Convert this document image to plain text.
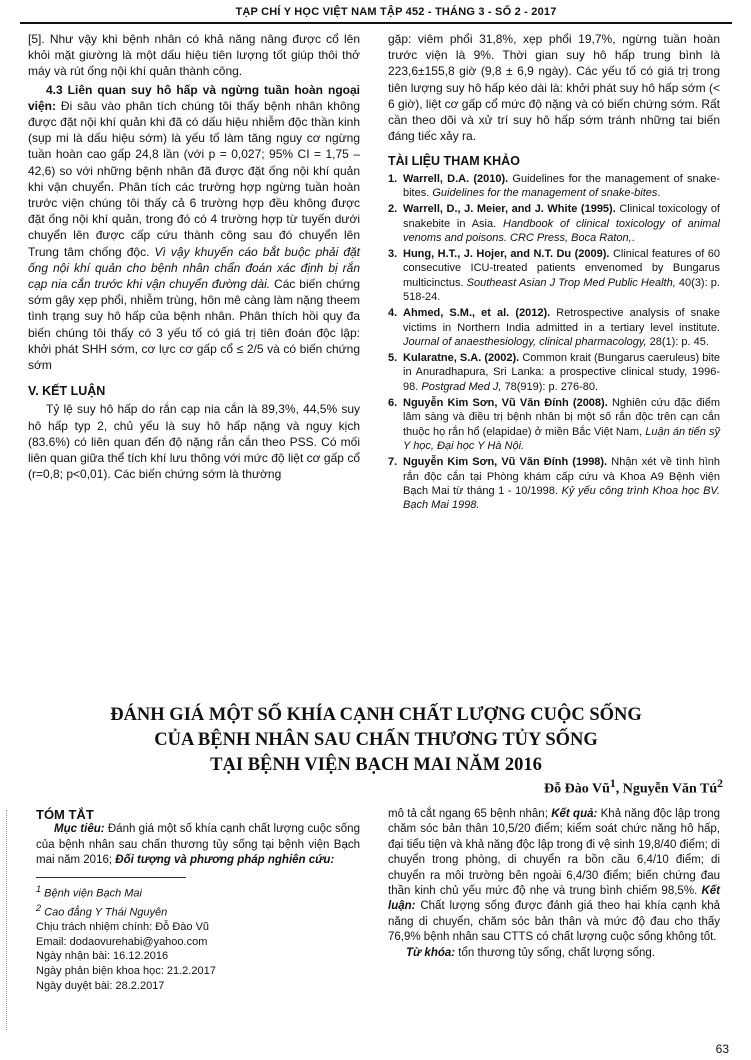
TẠP CHÍ Y HỌC VIỆT NAM TẬP 452 - THÁNG 3 - SỐ 2 - 2017

[5]. Như vậy khi bệnh nhân có khả năng nâng được cổ lên khỏi mặt giường là một dấu hiệu tiên lượng tốt giúp thôi thở máy và rút ống nội khí quản thành công.

4.3 Liên quan suy hô hấp và ngừng tuần hoàn ngoại viện: Đi sâu vào phân tích chúng tôi thấy bệnh nhân không được đặt nội khí quản khi đã có dấu hiệu nhiễm độc thần kinh (sụp mi là dấu hiệu sớm) là yếu tố làm tăng nguy cơ ngừng tuần hoàn cao gấp 24,8 lần (với p = 0,027; 95% CI = 1,75 – 42,6) so với những bệnh nhân đã được đặt ống nội khí quản khi vận chuyển. Phân tích các trường hợp ngừng tuần hoàn trước viện chúng tôi thấy cả 6 trường hợp đều không được đặt ống nội khí quản, trong đó có 4 trường hợp từ tuyến dưới chuyển lên được cấp cứu thành công sau đó chuyển lên Trung tâm chống độc. Vì vậy khuyến cáo bắt buộc phải đặt ống nội khí quản cho bệnh nhân chẩn đoán xác định bị rắn cạp nia cắn trước khi vận chuyển đường dài. Các biến chứng sớm gây xẹp phổi, nhiễm trùng, hôn mê càng làm nặng theem tình trạng suy hô hấp của bệnh nhân. Phân thích hồi quy đa biến chúng tôi thấy có 3 yếu tố có giá trị tiên đoán độc lập: khởi phát SHH sớm, cơ lực cơ gấp cổ ≤ 2/5 và có biến chứng sớm

V. KẾT LUẬN

Tỷ lệ suy hô hấp do rắn cạp nia cắn là 89,3%, 44,5% suy hô hấp typ 2, chủ yếu là suy hô hấp nặng và nguy kịch (83.6%) có liên quan đến độ nặng rắn cắn theo PSS. Có mối liên quan giữa thể tích khí lưu thông với mức độ liệt cơ gấp cổ (r=0,8; p<0,01). Các biến chứng sớm là thường

gặp: viêm phổi 31,8%, xẹp phổi 19,7%, ngừng tuần hoàn trước viện là 9%. Thời gian suy hô hấp trung bình là 223,6±155,8 giờ (9,8 ± 6,9 ngày). Các yếu tố có giá trị trong tiên lượng suy hô hấp kéo dài là: khởi phát suy hô hấp sớm (< 6 giờ), liệt cơ gấp cổ mức độ nặng và có biến chứng sớm. Rất cần theo dõi và xử trí suy hô hấp sớm tránh những tai biến đáng tiếc xảy ra.

TÀI LIỆU THAM KHẢO

1. Warrell, D.A. (2010). Guidelines for the management of snake-bites. Guidelines for the management of snake-bites.
2. Warrell, D., J. Meier, and J. White (1995). Clinical toxicology of snakebite in Asia. Handbook of clinical toxicology of animal venoms and poisons. CRC Press, Boca Raton,.
3. Hung, H.T., J. Hojer, and N.T. Du (2009). Clinical features of 60 consecutive ICU-treated patients envenomed by Bungarus multicinctus. Southeast Asian J Trop Med Public Health, 40(3): p. 518-24.
4. Ahmed, S.M., et al. (2012). Retrospective analysis of snake victims in Northern India admitted in a tertiary level institute. Journal of anaesthesiology, clinical pharmacology, 28(1): p. 45.
5. Kularatne, S.A. (2002). Common krait (Bungarus caeruleus) bite in Anuradhapura, Sri Lanka: a prospective clinical study, 1996-98. Postgrad Med J, 78(919): p. 276-80.
6. Nguyễn Kim Sơn, Vũ Văn Đính (2008). Nghiên cứu đặc điểm lâm sàng và điều trị bệnh nhân bị một số rắn độc trên cạn cắn thuộc họ rắn hổ (elapidae) ở miền Bắc Việt Nam, Luận án tiến sỹ Y học, Đại học Y Hà Nội.
7. Nguyễn Kim Sơn, Vũ Văn Đính (1998). Nhận xét về tình hình rắn độc cắn tại Phòng khám cấp cứu và Khoa A9 Bệnh viện Bạch Mai từ tháng 1 - 10/1998. Kỷ yếu công trình Khoa học BV. Bạch Mai 1998.
ĐÁNH GIÁ MỘT SỐ KHÍA CẠNH CHẤT LƯỢNG CUỘC SỐNG
CỦA BỆNH NHÂN SAU CHẤN THƯƠNG TỦY SỐNG
TẠI BỆNH VIỆN BẠCH MAI NĂM 2016
Đỗ Đào $Vũ^1$, Nguyễn Văn $Tú^2$

TÓM TẮT

Mục tiêu: Đánh giá một số khía cạnh chất lượng cuộc sống của bệnh nhân sau chấn thương tủy sống tại bệnh viện Bạch mai năm 2016; Đối tượng và phương pháp nghiên cứu:

$^1$ Bệnh viện Bạch Mai
$^2$ Cao đẳng Y Thái Nguyên
Chịu trách nhiệm chính: Đỗ Đào Vũ
Email: dodaovurehabi@yahoo.com
Ngày nhận bài: 16.12.2016
Ngày phản biện khoa học: 21.2.2017
Ngày duyệt bài: 28.2.2017

mô tả cắt ngang 65 bệnh nhân; Kết quả: Khả năng độc lập trong chăm sóc bản thân 10,5/20 điểm; kiểm soát chức năng hô hấp, đại tiểu tiện và khả năng độc lập trong đi vệ sinh 19,8/40 điểm; di chuyển trong phòng, di chuyển ra bồn cầu 6,4/10 điểm; di chuyển ra môi trường bên ngoài 6,4/30 điểm; biến chứng đau thần kinh chủ yếu mức độ nhẹ và trung bình chiếm 98,5%. Kết luận: Chất lượng sống được đánh giá theo hai khía cạnh khả năng di chuyển, chăm sóc bản thân và mức độ đau cho thấy 76,9% bệnh nhân sau CTTS có chất lượng cuộc sống không tốt.

Từ khóa: tổn thương tủy sống, chất lượng sống.

63
